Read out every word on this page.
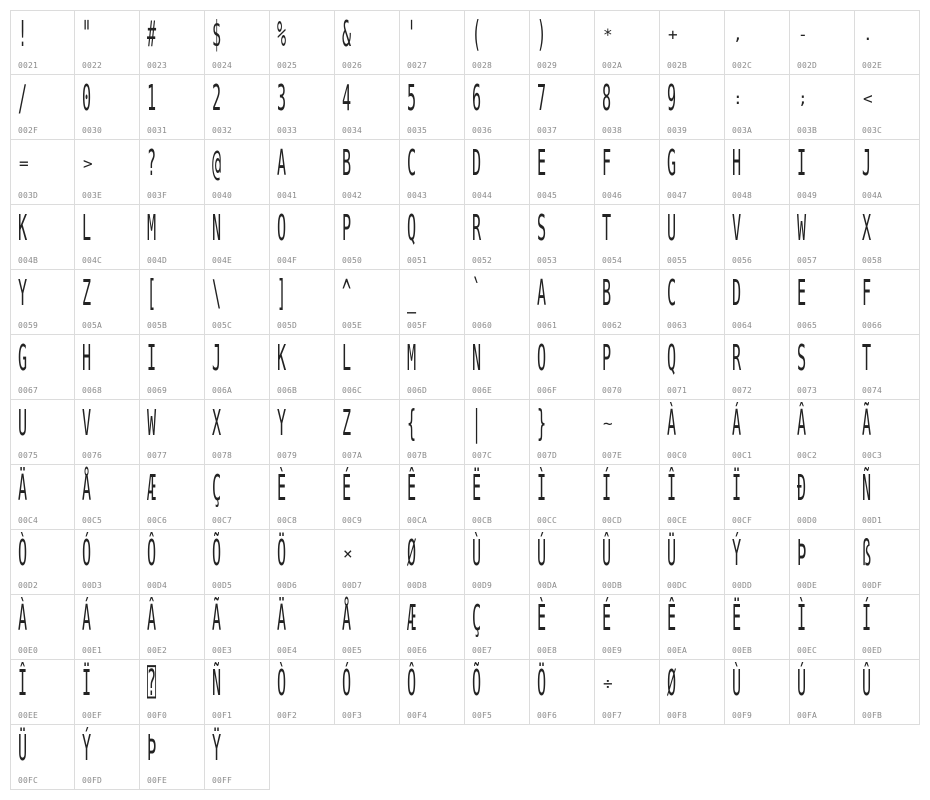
!
0021
"
0022
#
0023
$
0024
%
0025
&
0026
'
0027
(
0028
)
0029
*
002A
+
002B
,
002C
-
002D
.
002E
/
002F
0
0030
1
0031
2
0032
3
0033
4
0034
5
0035
6
0036
7
0037
8
0038
9
0039
:
003A
;
003B
<
003C
=
003D
>
003E
?
003F
@
0040
A
0041
B
0042
C
0043
D
0044
E
0045
F
0046
G
0047
H
0048
I
0049
J
004A
K
004B
L
004C
M
004D
N
004E
O
004F
P
0050
Q
0051
R
0052
S
0053
T
0054
U
0055
V
0056
W
0057
X
0058
Y
0059
Z
005A
[
005B
\
005C
]
005D
^
005E
_
005F
`
0060
A
0061
B
0062
C
0063
D
0064
E
0065
F
0066
G
0067
H
0068
I
0069
J
006A
K
006B
L
006C
M
006D
N
006E
O
006F
P
0070
Q
0071
R
0072
S
0073
T
0074
U
0075
V
0076
W
0077
X
0078
Y
0079
Z
007A
{
007B
|
007C
}
007D
~
007E
À
00C0
Á
00C1
Â
00C2
Ã
00C3
Ä
00C4
Å
00C5
Æ
00C6
Ç
00C7
È
00C8
É
00C9
Ê
00CA
Ë
00CB
Ì
00CC
Í
00CD
Î
00CE
Ï
00CF
Ð
00D0
Ñ
00D1
Ò
00D2
Ó
00D3
Ô
00D4
Õ
00D5
Ö
00D6
×
00D7
Ø
00D8
Ù
00D9
Ú
00DA
Û
00DB
Ü
00DC
Ý
00DD
Þ
00DE
ß
00DF
À
00E0
Á
00E1
Â
00E2
Ã
00E3
Ä
00E4
Å
00E5
Æ
00E6
Ç
00E7
È
00E8
É
00E9
Ê
00EA
Ë
00EB
Ì
00EC
Í
00ED
Î
00EE
Ï
00EF
⍰
00F0
Ñ
00F1
Ò
00F2
Ó
00F3
Ô
00F4
Õ
00F5
Ö
00F6
÷
00F7
Ø
00F8
Ù
00F9
Ú
00FA
Û
00FB
Ü
00FC
Ý
00FD
Þ
00FE
Ÿ
00FF
